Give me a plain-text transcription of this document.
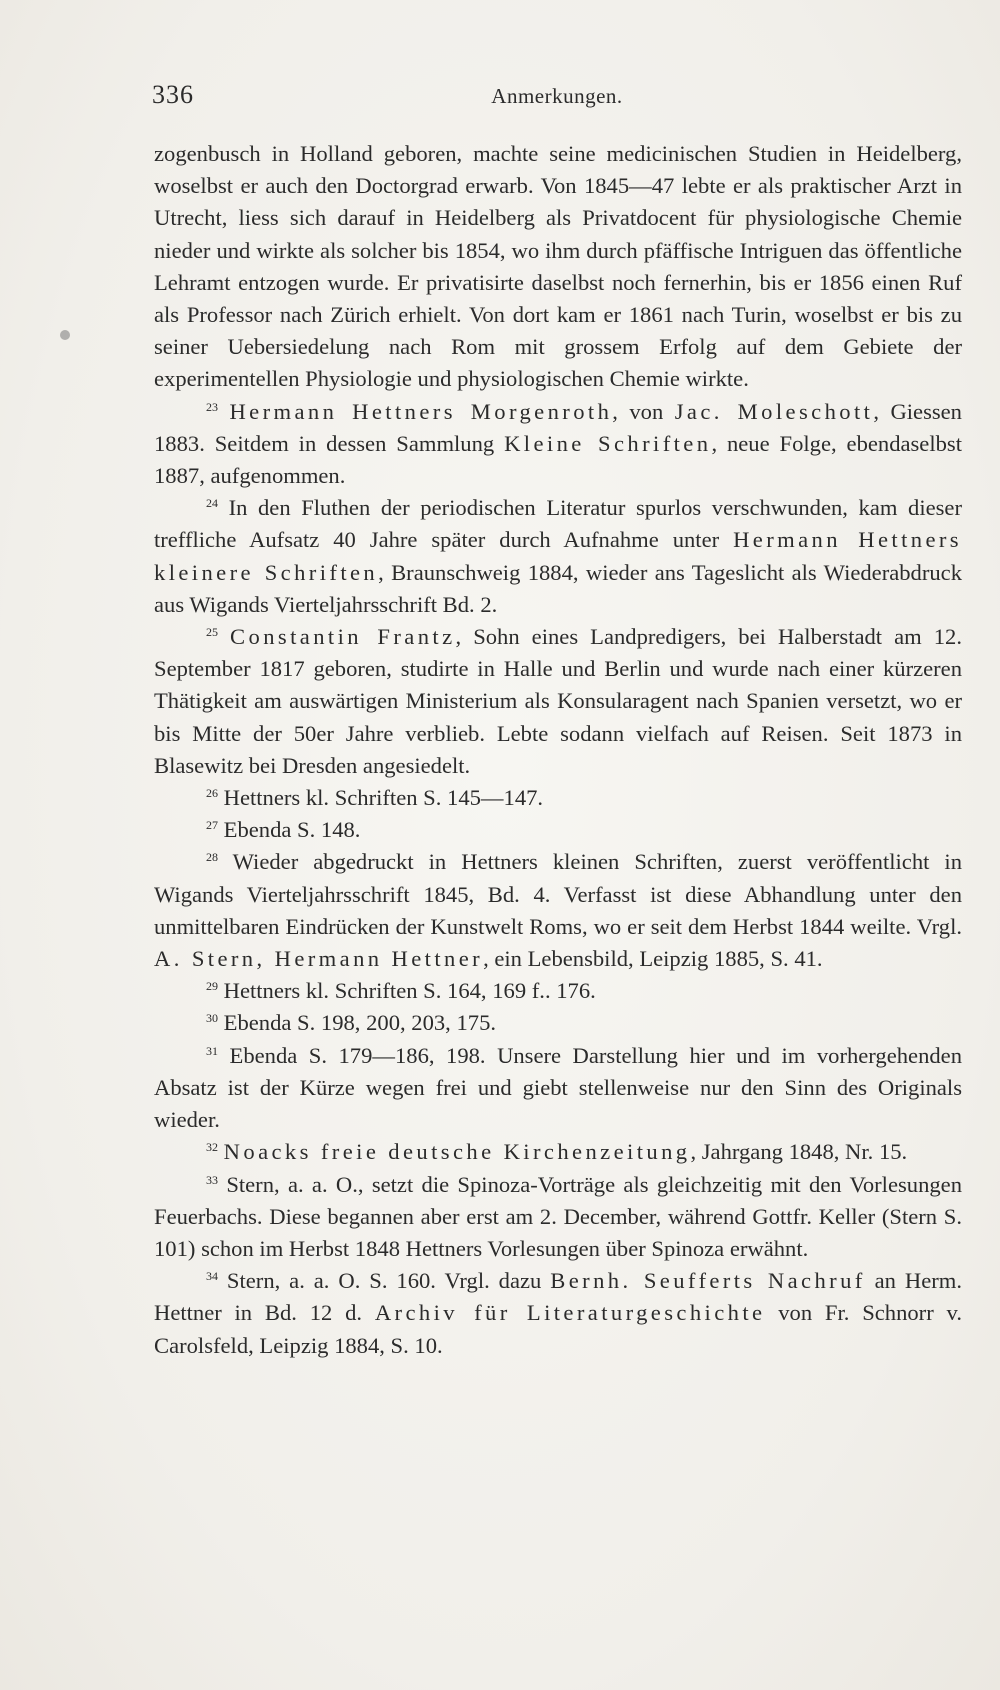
336	Anmerkungen.

zogenbusch in Holland geboren, machte seine medicinischen Studien in Heidelberg, woselbst er auch den Doctorgrad erwarb. Von 1845—47 lebte er als praktischer Arzt in Utrecht, liess sich darauf in Heidelberg als Privatdocent für physiologische Chemie nieder und wirkte als solcher bis 1854, wo ihm durch pfäffische Intriguen das öffentliche Lehramt entzogen wurde. Er privatisirte daselbst noch fernerhin, bis er 1856 einen Ruf als Professor nach Zürich erhielt. Von dort kam er 1861 nach Turin, woselbst er bis zu seiner Uebersiedelung nach Rom mit grossem Erfolg auf dem Gebiete der experimentellen Physiologie und physiologischen Chemie wirkte.

$^{23}$ Hermann Hettners Morgenroth, von Jac. Moleschott, Giessen 1883. Seitdem in dessen Sammlung Kleine Schriften, neue Folge, ebendaselbst 1887, aufgenommen.

$^{24}$ In den Fluthen der periodischen Literatur spurlos verschwunden, kam dieser treffliche Aufsatz 40 Jahre später durch Aufnahme unter Hermann Hettners kleinere Schriften, Braunschweig 1884, wieder ans Tageslicht als Wiederabdruck aus Wigands Vierteljahrsschrift Bd. 2.

$^{25}$ Constantin Frantz, Sohn eines Landpredigers, bei Halberstadt am 12. September 1817 geboren, studirte in Halle und Berlin und wurde nach einer kürzeren Thätigkeit am auswärtigen Ministerium als Konsularagent nach Spanien versetzt, wo er bis Mitte der 50er Jahre verblieb. Lebte sodann vielfach auf Reisen. Seit 1873 in Blasewitz bei Dresden angesiedelt.

$^{26}$ Hettners kl. Schriften S. 145—147.

$^{27}$ Ebenda S. 148.

$^{28}$ Wieder abgedruckt in Hettners kleinen Schriften, zuerst veröffentlicht in Wigands Vierteljahrsschrift 1845, Bd. 4. Verfasst ist diese Abhandlung unter den unmittelbaren Eindrücken der Kunstwelt Roms, wo er seit dem Herbst 1844 weilte. Vrgl. A. Stern, Hermann Hettner, ein Lebensbild, Leipzig 1885, S. 41.

$^{29}$ Hettners kl. Schriften S. 164, 169 f.. 176.

$^{30}$ Ebenda S. 198, 200, 203, 175.

$^{31}$ Ebenda S. 179—186, 198. Unsere Darstellung hier und im vorhergehenden Absatz ist der Kürze wegen frei und giebt stellenweise nur den Sinn des Originals wieder.

$^{32}$ Noacks freie deutsche Kirchenzeitung, Jahrgang 1848, Nr. 15.

$^{33}$ Stern, a. a. O., setzt die Spinoza-Vorträge als gleichzeitig mit den Vorlesungen Feuerbachs. Diese begannen aber erst am 2. December, während Gottfr. Keller (Stern S. 101) schon im Herbst 1848 Hettners Vorlesungen über Spinoza erwähnt.

$^{34}$ Stern, a. a. O. S. 160. Vrgl. dazu Bernh. Seufferts Nachruf an Herm. Hettner in Bd. 12 d. Archiv für Literaturgeschichte von Fr. Schnorr v. Carolsfeld, Leipzig 1884, S. 10.
